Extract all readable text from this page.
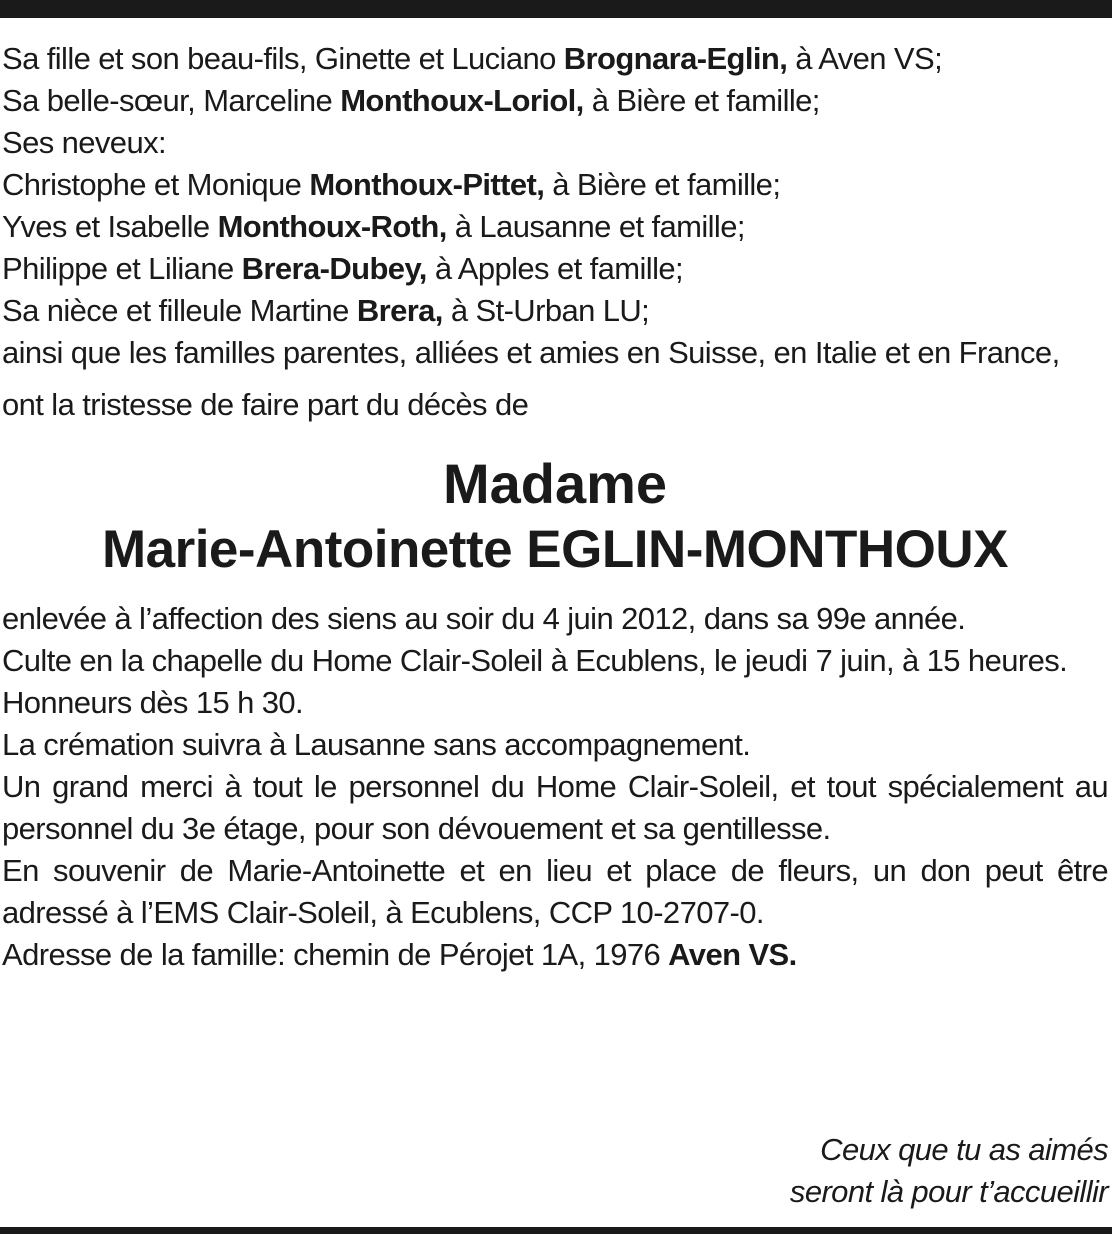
Sa fille et son beau-fils, Ginette et Luciano Brognara-Eglin, à Aven VS;
Sa belle-sœur, Marceline Monthoux-Loriol, à Bière et famille;
Ses neveux:
Christophe et Monique Monthoux-Pittet, à Bière et famille;
Yves et Isabelle Monthoux-Roth, à Lausanne et famille;
Philippe et Liliane Brera-Dubey, à Apples et famille;
Sa nièce et filleule Martine Brera, à St-Urban LU;
ainsi que les familles parentes, alliées et amies en Suisse, en Italie et en France,
ont la tristesse de faire part du décès de
Madame
Marie-Antoinette EGLIN-MONTHOUX
enlevée à l’affection des siens au soir du 4 juin 2012, dans sa 99e année.
Culte en la chapelle du Home Clair-Soleil à Ecublens, le jeudi 7 juin, à 15 heures.
Honneurs dès 15 h 30.
La crémation suivra à Lausanne sans accompagnement.
Un grand merci à tout le personnel du Home Clair-Soleil, et tout spécialement au personnel du 3e étage, pour son dévouement et sa gentillesse.
En souvenir de Marie-Antoinette et en lieu et place de fleurs, un don peut être adressé à l’EMS Clair-Soleil, à Ecublens, CCP 10-2707-0.
Adresse de la famille: chemin de Pérojet 1A, 1976 Aven VS.
Ceux que tu as aimés
seront là pour t’accueillir
